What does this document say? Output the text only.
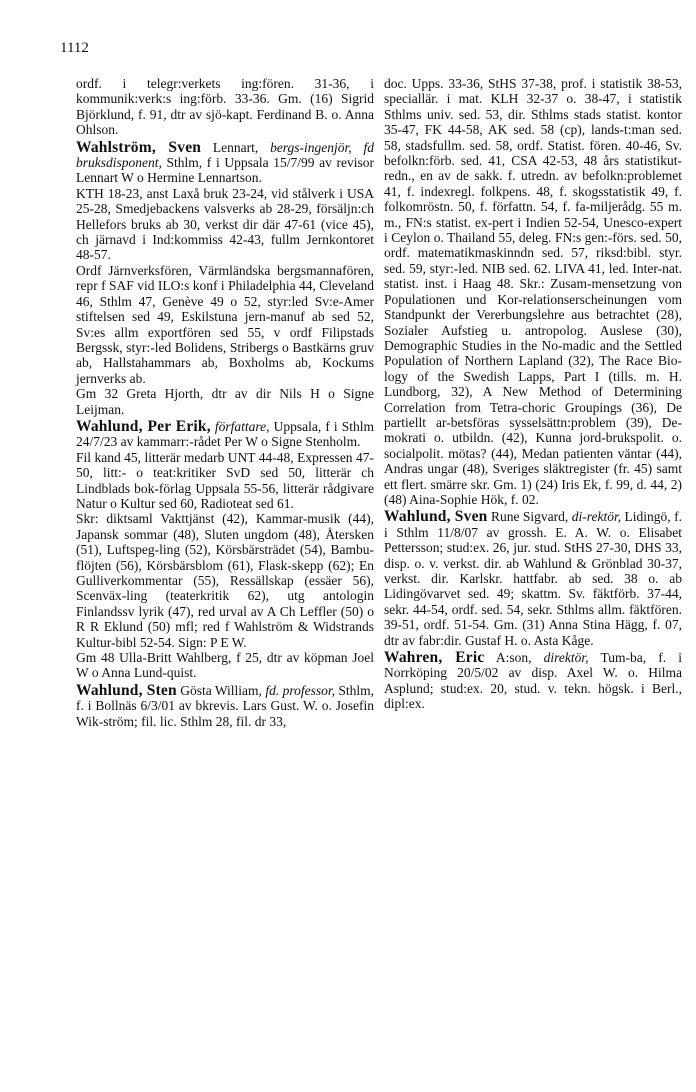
1112

ordf. i telegr:verkets ing:fören. 31-36, i kommunik:verk:s ing:förb. 33-36. Gm. (16) Sigrid Björklund, f. 91, dtr av sjö-kapt. Ferdinand B. o. Anna Ohlson.

Wahlström, Sven Lennart, bergs-ingenjör, fd bruksdisponent, Sthlm, f i Uppsala 15/7/99 av revisor Lennart W o Hermine Lennartson.

KTH 18-23, anst Laxå bruk 23-24, vid stålverk i USA 25-28, Smedjebackens valsverks ab 28-29, försäljn:ch Hellefors bruks ab 30, verkst dir där 47-61 (vice 45), ch järnavd i Ind:kommiss 42-43, fullm Jernkontoret 48-57.

Ordf Järnverksfören, Värmländska bergsmannafören, repr f SAF vid ILO:s konf i Philadelphia 44, Cleveland 46, Sthlm 47, Genève 49 o 52, styr:led Sv:e-Amer stiftelsen sed 49, Eskilstuna jern-manuf ab sed 52, Sv:es allm exportfören sed 55, v ordf Filipstads Bergssk, styr:-led Bolidens, Stribergs o Bastkärns gruv ab, Hallstahammars ab, Boxholms ab, Kockums jernverks ab.

Gm 32 Greta Hjorth, dtr av dir Nils H o Signe Leijman.

Wahlund, Per Erik, författare, Uppsala, f i Sthlm 24/7/23 av kammarr:-rådet Per W o Signe Stenholm.

Fil kand 45, litterär medarb UNT 44-48, Expressen 47-50, litt:- o teat:kritiker SvD sed 50, litterär ch Lindblads bok-förlag Uppsala 55-56, litterär rådgivare Natur o Kultur sed 60, Radioteat sed 61.

Skr: diktsaml Vakttjänst (42), Kammar-musik (44), Japansk sommar (48), Sluten ungdom (48), Återsken (51), Luftspeg-ling (52), Körsbärsträdet (54), Bambu-flöjten (56), Körsbärsblom (61), Flask-skepp (62); En Gulliverkommentar (55), Ressällskap (essäer 56), Scenväx-ling (teaterkritik 62), utg antologin Finlandssv lyrik (47), red urval av A Ch Leffler (50) o R R Eklund (50) mfl; red f Wahlström & Widstrands Kultur-bibl 52-54. Sign: P E W.

Gm 48 Ulla-Britt Wahlberg, f 25, dtr av köpman Joel W o Anna Lund-quist.

Wahlund, Sten Gösta William, fd. professor, Sthlm, f. i Bollnäs 6/3/01 av bkrevis. Lars Gust. W. o. Josefin Wik-ström; fil. lic. Sthlm 28, fil. dr 33,

doc. Upps. 33-36, StHS 37-38, prof. i statistik 38-53, speciallär. i mat. KLH 32-37 o. 38-47, i statistik Sthlms univ. sed. 53, dir. Sthlms stads statist. kontor 35-47, FK 44-58, AK sed. 58 (cp), lands-t:man sed. 58, stadsfullm. sed. 58, ordf. Statist. fören. 40-46, Sv. befolkn:förb. sed. 41, CSA 42-53, 48 års statistikut-redn., en av de sakk. f. utredn. av befolkn:problemet 41, f. indexregl. folkpens. 48, f. skogsstatistik 49, f. folkomröstn. 50, f. författn. 54, f. fa-miljerådg. 55 m. m., FN:s statist. ex-pert i Indien 52-54, Unesco-expert i Ceylon o. Thailand 55, deleg. FN:s gen:-förs. sed. 50, ordf. matematikmaskinndn sed. 57, riksd:bibl. styr. sed. 59, styr:-led. NIB sed. 62. LIVA 41, led. Inter-nat. statist. inst. i Haag 48. Skr.: Zusam-mensetzung von Populationen und Kor-relationserscheinungen vom Standpunkt der Vererbungslehre aus betrachtet (28), Sozialer Aufstieg u. antropolog. Auslese (30), Demographic Studies in the No-madic and the Settled Population of Northern Lapland (32), The Race Bio-logy of the Swedish Lapps, Part I (tills. m. H. Lundborg, 32), A New Method of Determining Correlation from Tetra-choric Groupings (36), De partiellt ar-betsföras sysselsättn:problem (39), De-mokrati o. utbildn. (42), Kunna jord-brukspolit. o. socialpolit. mötas? (44), Medan patienten väntar (44), Andras ungar (48), Sveriges släktregister (fr. 45) samt ett flert. smärre skr. Gm. 1) (24) Iris Ek, f. 99, d. 44, 2) (48) Aina-Sophie Hök, f. 02.

Wahlund, Sven Rune Sigvard, di-rektör, Lidingö, f. i Sthlm 11/8/07 av grossh. E. A. W. o. Elisabet Pettersson; stud:ex. 26, jur. stud. StHS 27-30, DHS 33, disp. o. v. verkst. dir. ab Wahlund & Grönblad 30-37, verkst. dir. Karlskr. hattfabr. ab sed. 38 o. ab Lidingövarvet sed. 49; skattm. Sv. fäktförb. 37-44, sekr. 44-54, ordf. sed. 54, sekr. Sthlms allm. fäktfören. 39-51, ordf. 51-54. Gm. (31) Anna Stina Hägg, f. 07, dtr av fabr:dir. Gustaf H. o. Asta Kåge.

Wahren, Eric A:son, direktör, Tum-ba, f. i Norrköping 20/5/02 av disp. Axel W. o. Hilma Asplund; stud:ex. 20, stud. v. tekn. högsk. i Berl., dipl:ex.
